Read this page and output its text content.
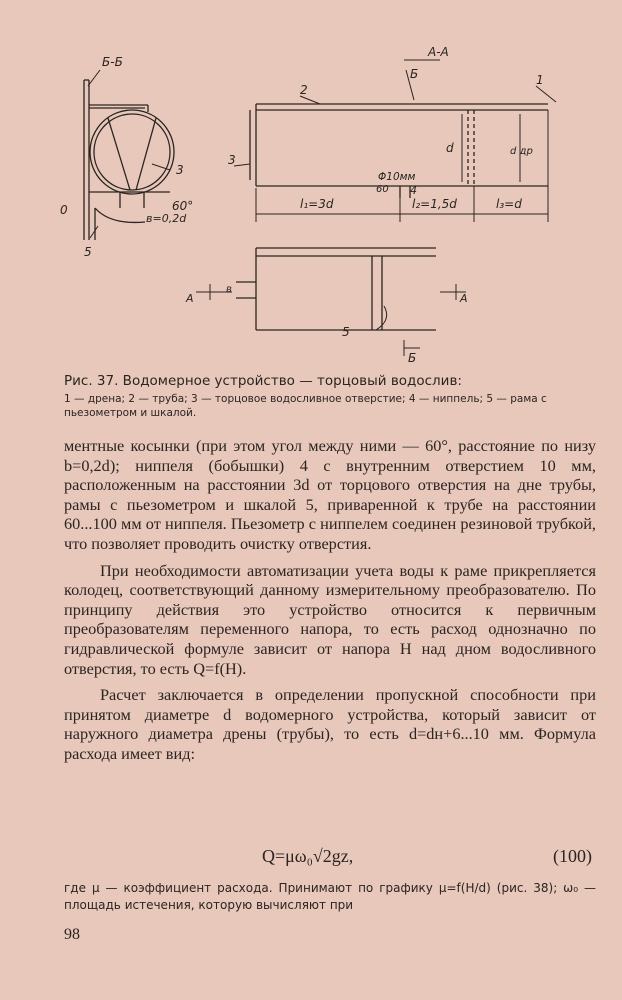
Б-Б
3
60°
0
в=0,2d
5
А-А
Б
2
1
3
d	d др
Φ10мм
60 4
l₁=3d	l₂=1,5d	l₃=d
А
в
А
5
Б
Рис. 37. Водомерное устройство — торцовый водослив:
1 — дрена; 2 — труба; 3 — торцовое водосливное отверстие; 4 — ниппель; 5 — рама с пьезометром и шкалой.

ментные косынки (при этом угол между ними — 60°, расстояние по низу b=0,2d); ниппеля (бобышки) 4 с внутренним отверстием 10 мм, расположенным на расстоянии 3d от торцового отверстия на дне трубы, рамы с пьезометром и шкалой 5, приваренной к трубе на расстоянии 60...100 мм от ниппеля. Пьезометр с ниппелем соединен резиновой трубкой, что позволяет проводить очистку отверстия.

При необходимости автоматизации учета воды к раме прикрепляется колодец, соответствующий данному измерительному преобразователю. По принципу действия это устройство относится к первичным преобразователям переменного напора, то есть расход однозначно по гидравлической формуле зависит от напора H над дном водосливного отверстия, то есть Q=f(H).

Расчет заключается в определении пропускной способности при принятом диаметре d водомерного устройства, который зависит от наружного диаметра дрены (трубы), то есть d=dн+6...10 мм. Формула расхода имеет вид:

Q=μω₀√2gz,	(100)
где μ — коэффициент расхода. Принимают по графику μ=f(H/d) (рис. 38); ω₀ — площадь истечения, которую вычисляют при
98
